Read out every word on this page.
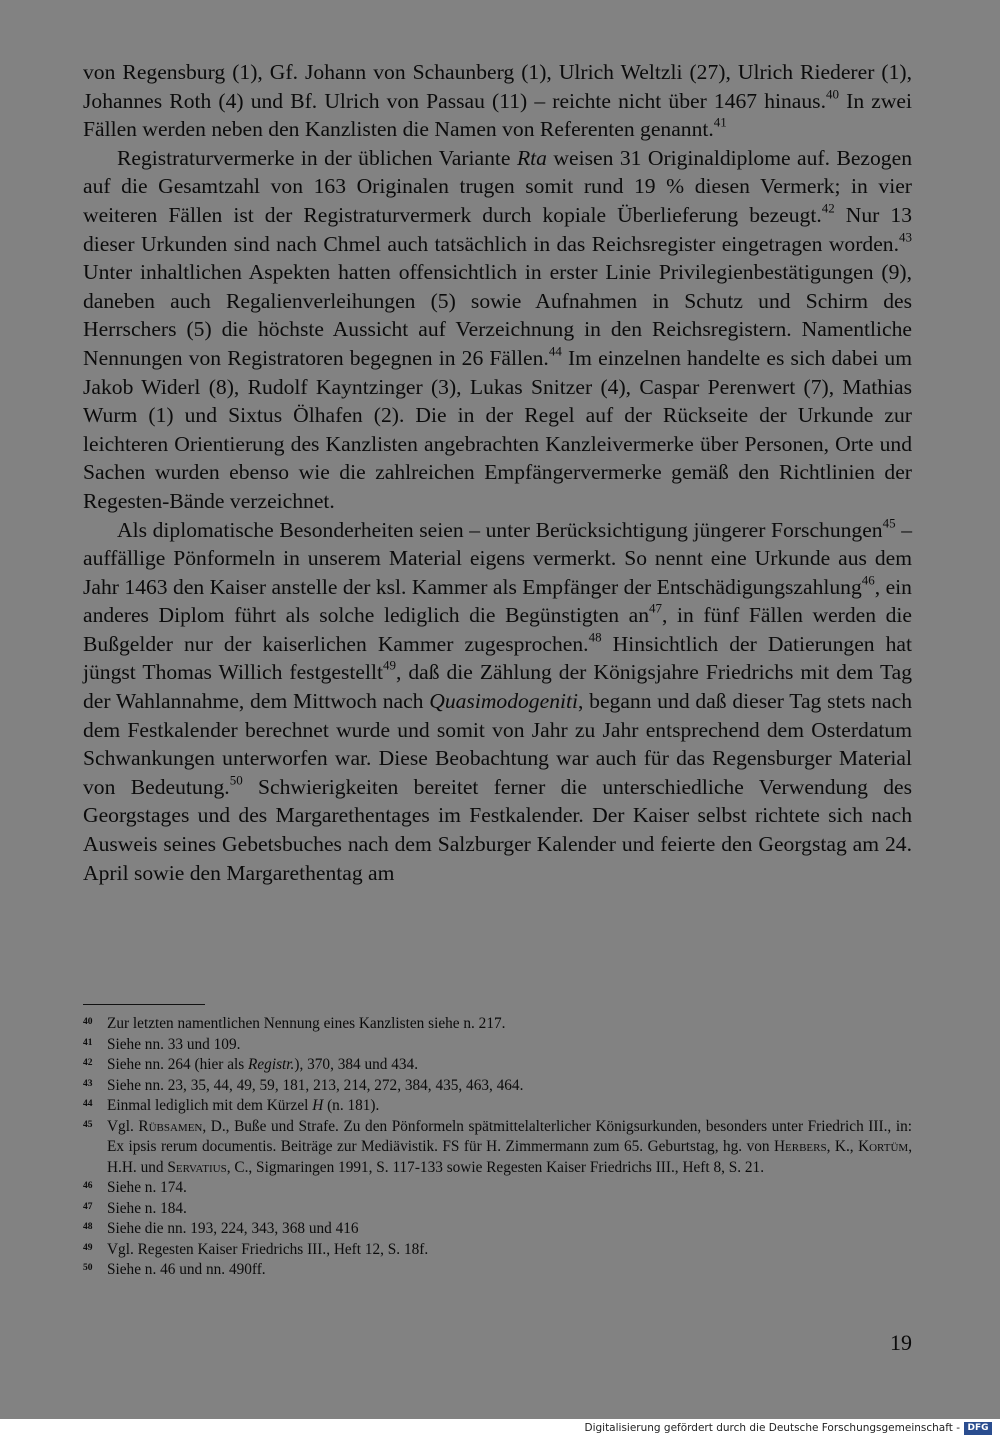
von Regensburg (1), Gf. Johann von Schaunberg (1), Ulrich Weltzli (27), Ulrich Riederer (1), Johannes Roth (4) und Bf. Ulrich von Passau (11) – reichte nicht über 1467 hinaus.$^{40}$ In zwei Fällen werden neben den Kanzlisten die Namen von Referenten genannt.$^{41}$

Registraturvermerke in der üblichen Variante Rta weisen 31 Originaldiplome auf. Bezogen auf die Gesamtzahl von 163 Originalen trugen somit rund 19 % diesen Vermerk; in vier weiteren Fällen ist der Registraturvermerk durch kopiale Überlieferung bezeugt.$^{42}$ Nur 13 dieser Urkunden sind nach Chmel auch tatsächlich in das Reichsregister eingetragen worden.$^{43}$ Unter inhaltlichen Aspekten hatten offensichtlich in erster Linie Privilegienbestätigungen (9), daneben auch Regalienverleihungen (5) sowie Aufnahmen in Schutz und Schirm des Herrschers (5) die höchste Aussicht auf Verzeichnung in den Reichsregistern. Namentliche Nennungen von Registratoren begegnen in 26 Fällen.$^{44}$ Im einzelnen handelte es sich dabei um Jakob Widerl (8), Rudolf Kayntzinger (3), Lukas Snitzer (4), Caspar Perenwert (7), Mathias Wurm (1) und Sixtus Ölhafen (2). Die in der Regel auf der Rückseite der Urkunde zur leichteren Orientierung des Kanzlisten angebrachten Kanzleivermerke über Personen, Orte und Sachen wurden ebenso wie die zahlreichen Empfängervermerke gemäß den Richtlinien der Regesten-Bände verzeichnet.

Als diplomatische Besonderheiten seien – unter Berücksichtigung jüngerer Forschungen$^{45}$ – auffällige Pönformeln in unserem Material eigens vermerkt. So nennt eine Urkunde aus dem Jahr 1463 den Kaiser anstelle der ksl. Kammer als Empfänger der Entschädigungszahlung$^{46}$, ein anderes Diplom führt als solche lediglich die Begünstigten $an^{47}$, in fünf Fällen werden die Bußgelder nur der kaiserlichen Kammer zugesprochen.$^{48}$ Hinsichtlich der Datierungen hat jüngst Thomas Willich festgestellt$^{49}$, daß die Zählung der Königsjahre Friedrichs mit dem Tag der Wahlannahme, dem Mittwoch nach Quasimodogeniti, begann und daß dieser Tag stets nach dem Festkalender berechnet wurde und somit von Jahr zu Jahr entsprechend dem Osterdatum Schwankungen unterworfen war. Diese Beobachtung war auch für das Regensburger Material von Bedeutung.$^{50}$ Schwierigkeiten bereitet ferner die unterschiedliche Verwendung des Georgstages und des Margarethentages im Festkalender. Der Kaiser selbst richtete sich nach Ausweis seines Gebetsbuches nach dem Salzburger Kalender und feierte den Georgstag am 24. April sowie den Margarethentag am

40 Zur letzten namentlichen Nennung eines Kanzlisten siehe n. 217.
41 Siehe nn. 33 und 109.
42 Siehe nn. 264 (hier als Registr.), 370, 384 und 434.
43 Siehe nn. 23, 35, 44, 49, 59, 181, 213, 214, 272, 384, 435, 463, 464.
44 Einmal lediglich mit dem Kürzel H (n. 181).
45 Vgl. Rübsamen, D., Buße und Strafe. Zu den Pönformeln spätmittelalterlicher Königsurkunden, besonders unter Friedrich III., in: Ex ipsis rerum documentis. Beiträge zur Mediävistik. FS für H. Zimmermann zum 65. Geburtstag, hg. von Herbers, K., Kortüm, H.H. und Servatius, C., Sigmaringen 1991, S. 117-133 sowie Regesten Kaiser Friedrichs III., Heft 8, S. 21.
46 Siehe n. 174.
47 Siehe n. 184.
48 Siehe die nn. 193, 224, 343, 368 und 416
49 Vgl. Regesten Kaiser Friedrichs III., Heft 12, S. 18f.
50 Siehe n. 46 und nn. 490ff.
19
Digitalisierung gefördert durch die Deutsche Forschungsgemeinschaft - DFG
